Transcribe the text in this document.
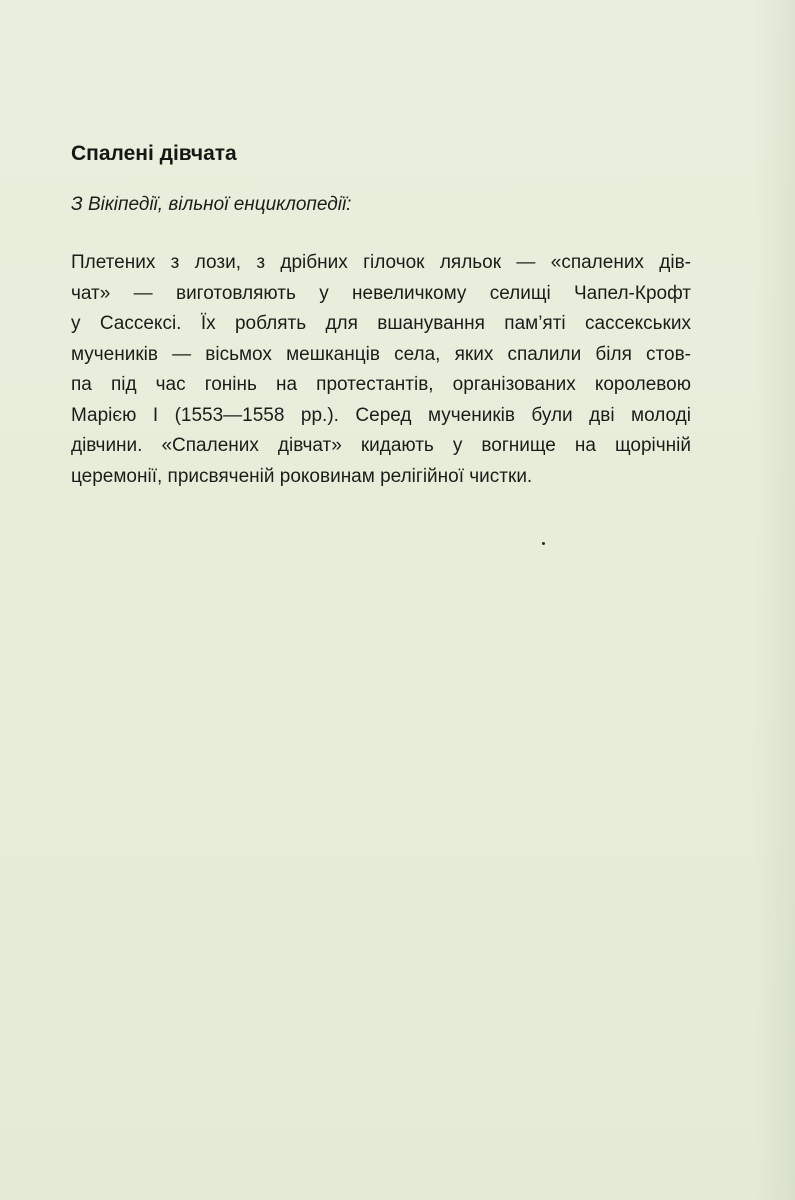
Спалені дівчата
З Вікіпедії, вільної енциклопедії:
Плетених з лози, з дрібних гілочок ляльок — «спалених дів-
чат» — виготовляють у невеличкому селищі Чапел-Крофт
у Сассексі. Їх роблять для вшанування пам’яті сассекських
мучеників — вісьмох мешканців села, яких спалили біля стов-
па під час гонінь на протестантів, організованих королевою
Марією I (1553—1558 рр.). Серед мучеників були дві молоді
дівчини. «Спалених дівчат» кидають у вогнище на щорічній
церемонії, присвяченій роковинам релігійної чистки.
